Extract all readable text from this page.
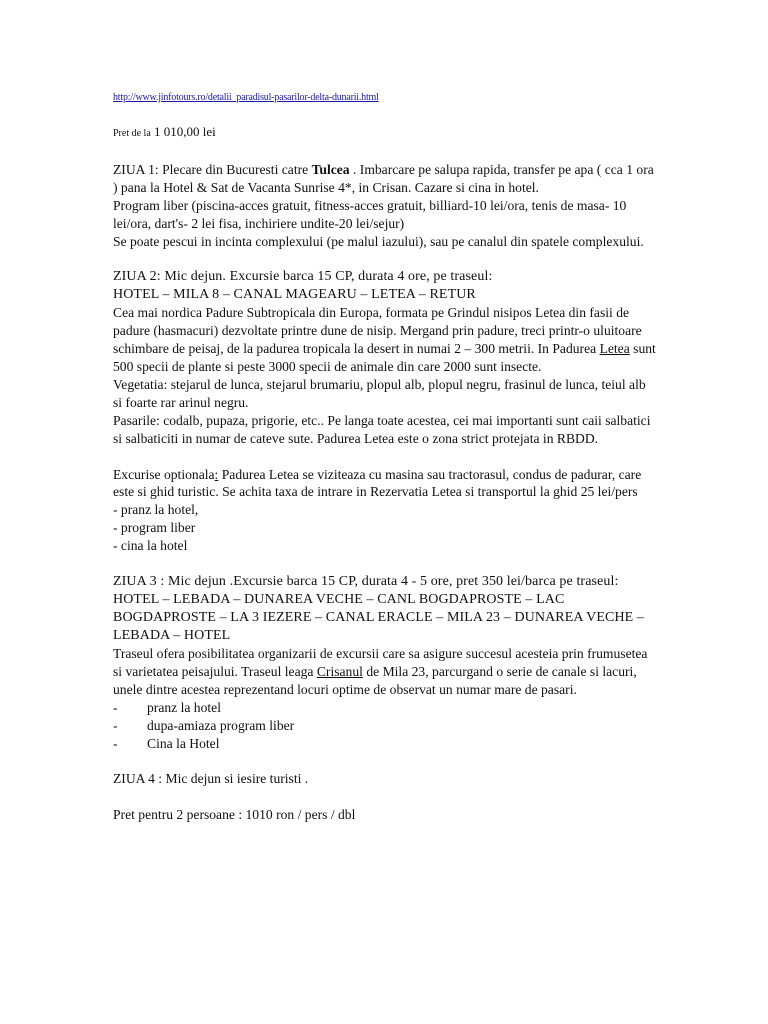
http://www.jinfotours.ro/detalii_paradisul-pasarilor-delta-dunarii.html
Pret de la 1 010,00 lei

ZIUA 1: Plecare din Bucuresti catre Tulcea . Imbarcare pe salupa rapida, transfer pe apa ( cca 1 ora ) pana la Hotel & Sat de Vacanta Sunrise 4*, in Crisan. Cazare si cina in hotel.

Program liber (piscina-acces gratuit, fitness-acces gratuit, billiard-10 lei/ora, tenis de masa- 10 lei/ora, dart's- 2 lei fisa, inchiriere undite-20 lei/sejur)

Se poate pescui in incinta complexului (pe malul iazului), sau pe canalul din spatele complexului.

ZIUA 2: Mic dejun. Excursie barca 15 CP, durata 4 ore, pe traseul:

HOTEL – MILA 8 – CANAL MAGEARU – LETEA – RETUR

Cea mai nordica Padure Subtropicala din Europa, formata pe Grindul nisipos Letea din fasii de padure (hasmacuri) dezvoltate printre dune de nisip. Mergand prin padure, treci printr-o uluitoare schimbare de peisaj, de la padurea tropicala la desert in numai 2 – 300 metrii. In Padurea Letea sunt 500 specii de plante si peste 3000 specii de animale din care 2000 sunt insecte.

Vegetatia: stejarul de lunca, stejarul brumariu, plopul alb, plopul negru, frasinul de lunca, teiul alb si foarte rar arinul negru.

Pasarile: codalb, pupaza, prigorie, etc.. Pe langa toate acestea, cei mai importanti sunt caii salbatici si salbaticiti in numar de cateve sute. Padurea Letea este o zona strict protejata in RBDD.

Excurise optionala: Padurea Letea se viziteaza cu masina sau tractorasul, condus de padurar, care este si ghid turistic. Se achita taxa de intrare in Rezervatia Letea si transportul la ghid 25 lei/pers

- pranz la hotel,

- program liber

- cina la hotel

ZIUA 3 : Mic dejun .Excursie barca 15 CP, durata 4 - 5 ore, pret 350 lei/barca pe traseul:

HOTEL – LEBADA – DUNAREA VECHE – CANL BOGDAPROSTE – LAC BOGDAPROSTE – LA 3 IEZERE – CANAL ERACLE – MILA 23 – DUNAREA VECHE – LEBADA – HOTEL

Traseul ofera posibilitatea organizarii de excursii care sa asigure succesul acesteia prin frumusetea si varietatea peisajului. Traseul leaga Crisanul de Mila 23, parcurgand o serie de canale si lacuri, unele dintre acestea reprezentand locuri optime de observat un numar mare de pasari.

- pranz la hotel

- dupa-amiaza program liber

- Cina la Hotel

ZIUA 4 : Mic dejun si iesire turisti .

Pret pentru 2 persoane : 1010 ron / pers / dbl
